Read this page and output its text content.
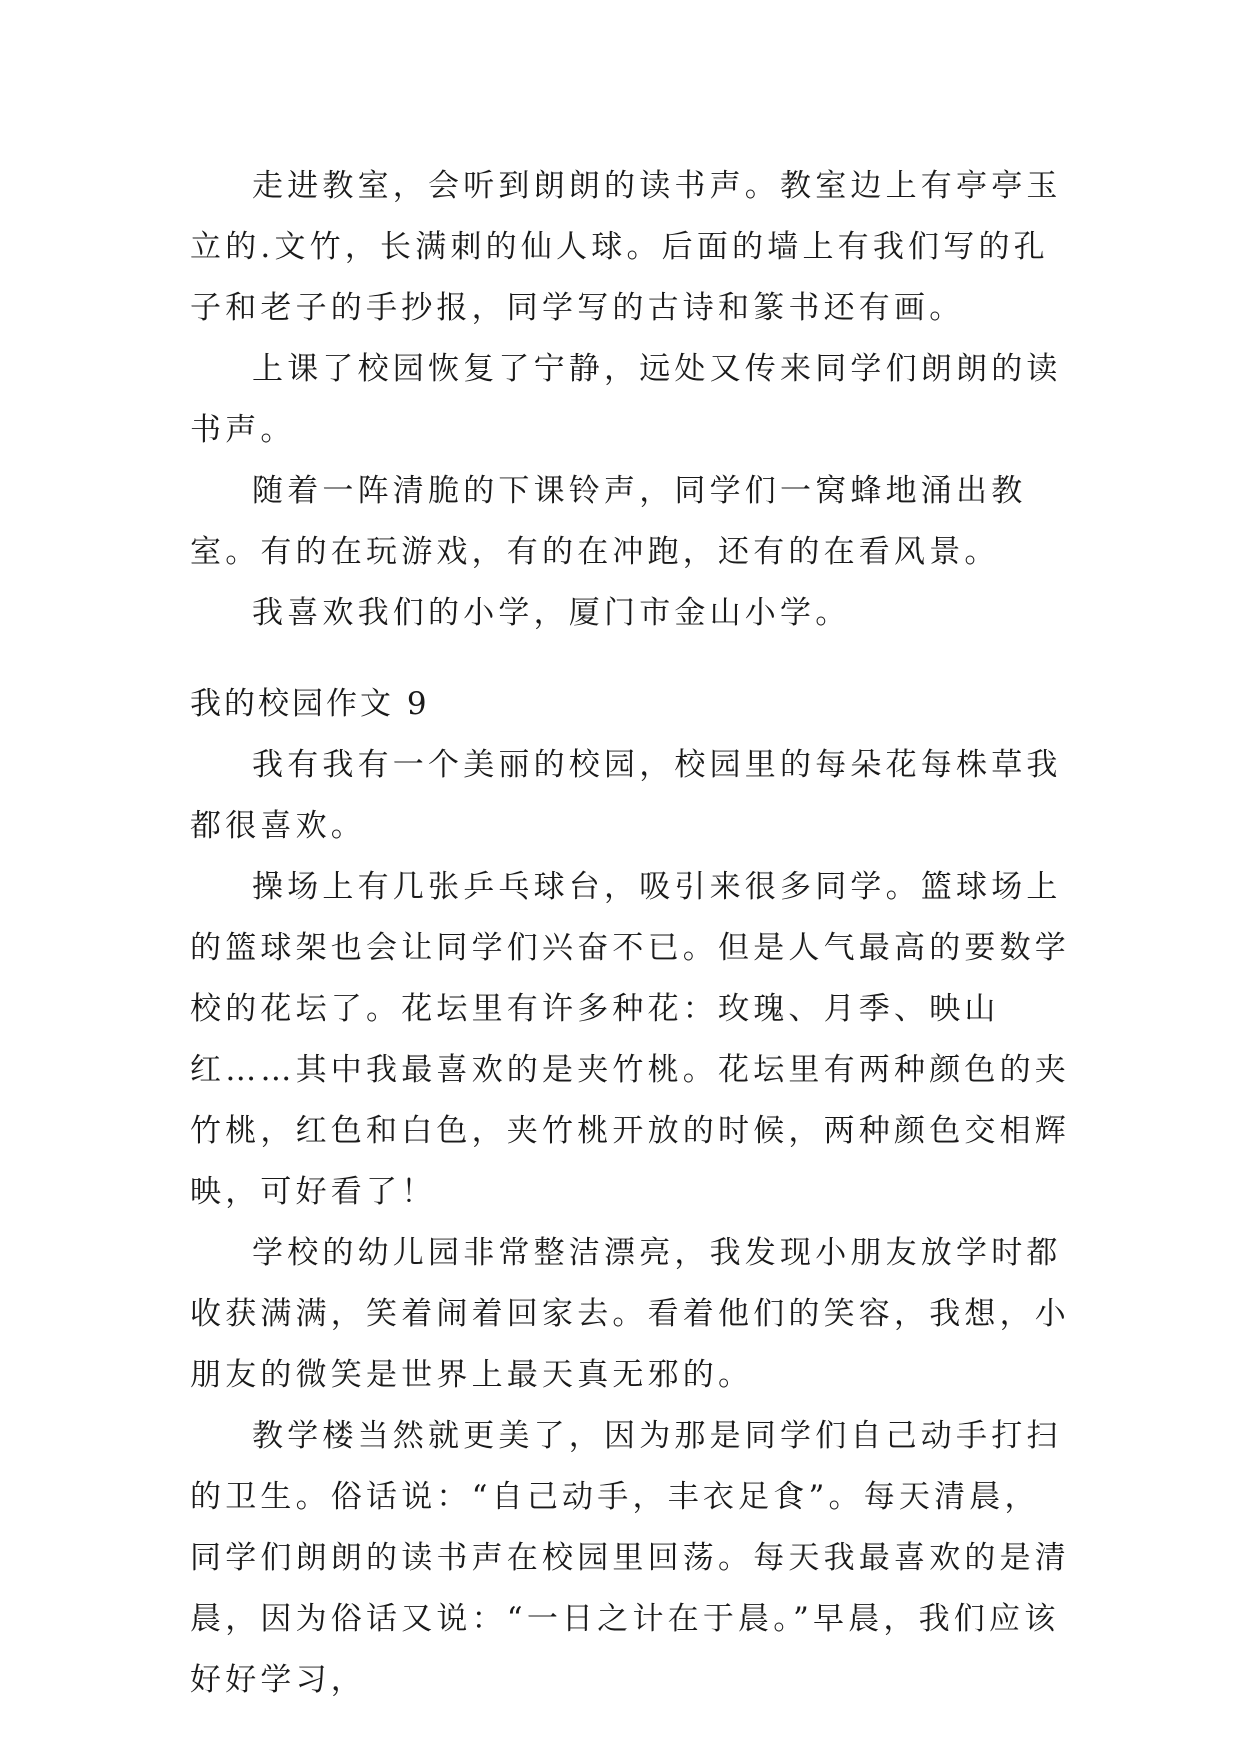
走进教室，会听到朗朗的读书声。教室边上有亭亭玉立的.文竹，长满刺的仙人球。后面的墙上有我们写的孔子和老子的手抄报，同学写的古诗和篆书还有画。

上课了校园恢复了宁静，远处又传来同学们朗朗的读书声。

随着一阵清脆的下课铃声，同学们一窝蜂地涌出教室。有的在玩游戏，有的在冲跑，还有的在看风景。

我喜欢我们的小学，厦门市金山小学。

我的校园作文 9

我有我有一个美丽的校园，校园里的每朵花每株草我都很喜欢。

操场上有几张乒乓球台，吸引来很多同学。篮球场上的篮球架也会让同学们兴奋不已。但是人气最高的要数学校的花坛了。花坛里有许多种花：玫瑰、月季、映山红……其中我最喜欢的是夹竹桃。花坛里有两种颜色的夹竹桃，红色和白色，夹竹桃开放的时候，两种颜色交相辉映，可好看了！

学校的幼儿园非常整洁漂亮，我发现小朋友放学时都收获满满，笑着闹着回家去。看着他们的笑容，我想，小朋友的微笑是世界上最天真无邪的。

教学楼当然就更美了，因为那是同学们自己动手打扫的卫生。俗话说：“自己动手，丰衣足食”。每天清晨，同学们朗朗的读书声在校园里回荡。每天我最喜欢的是清晨，因为俗话又说：“一日之计在于晨。”早晨，我们应该好好学习，
